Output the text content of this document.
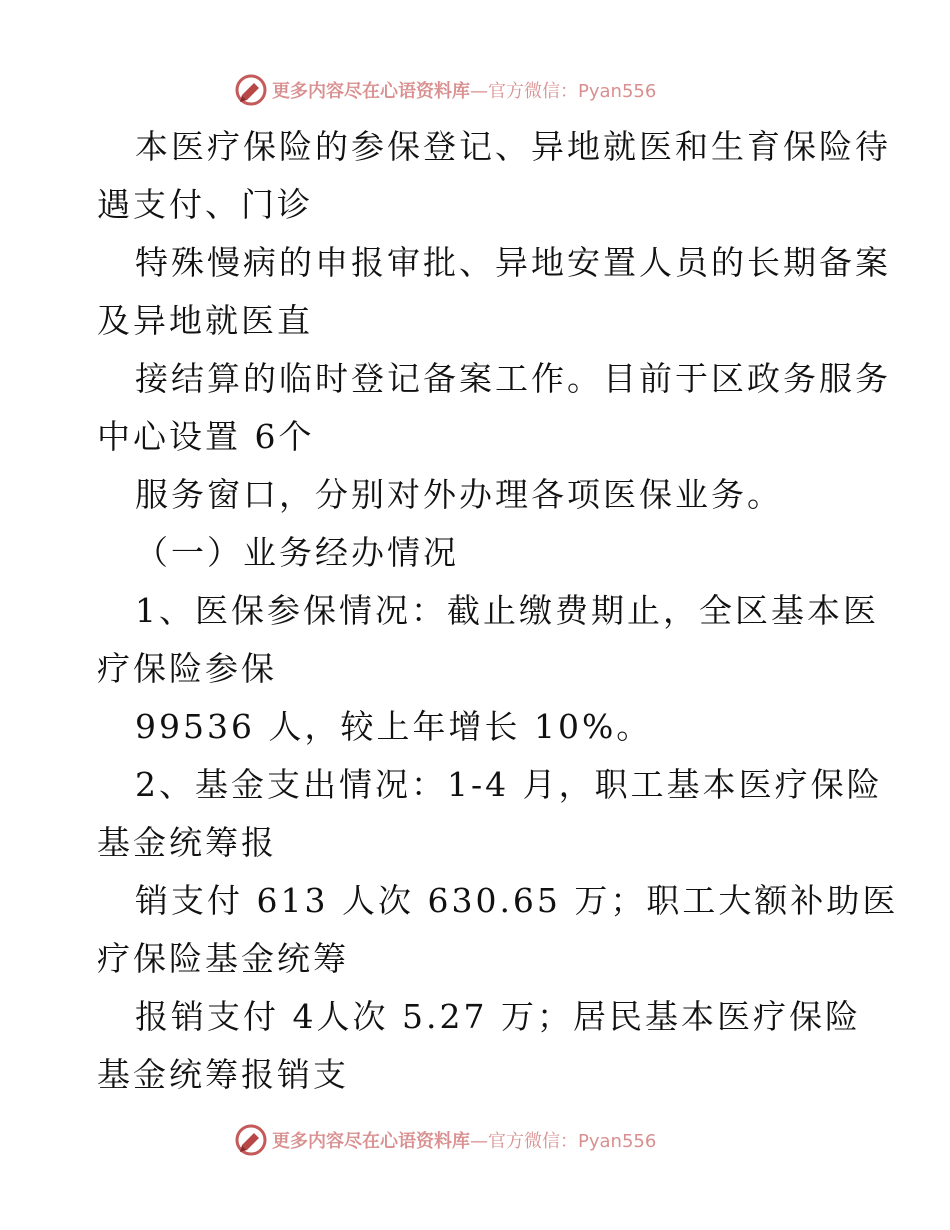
更多内容尽在心语资料库 —官方微信：Pyan556
本医疗保险的参保登记、异地就医和生育保险待
遇支付、门诊
特殊慢病的申报审批、异地安置人员的长期备案
及异地就医直
接结算的临时登记备案工作。目前于区政务服务
中心设置 6个
服务窗口，分别对外办理各项医保业务。
（一）业务经办情况
1、医保参保情况：截止缴费期止，全区基本医
疗保险参保
99536 人，较上年增长 10%。
2、基金支出情况：1-4 月，职工基本医疗保险
基金统筹报
销支付 613 人次 630.65 万；职工大额补助医
疗保险基金统筹
报销支付 4人次 5.27 万；居民基本医疗保险
基金统筹报销支
更多内容尽在心语资料库 —官方微信：Pyan556
